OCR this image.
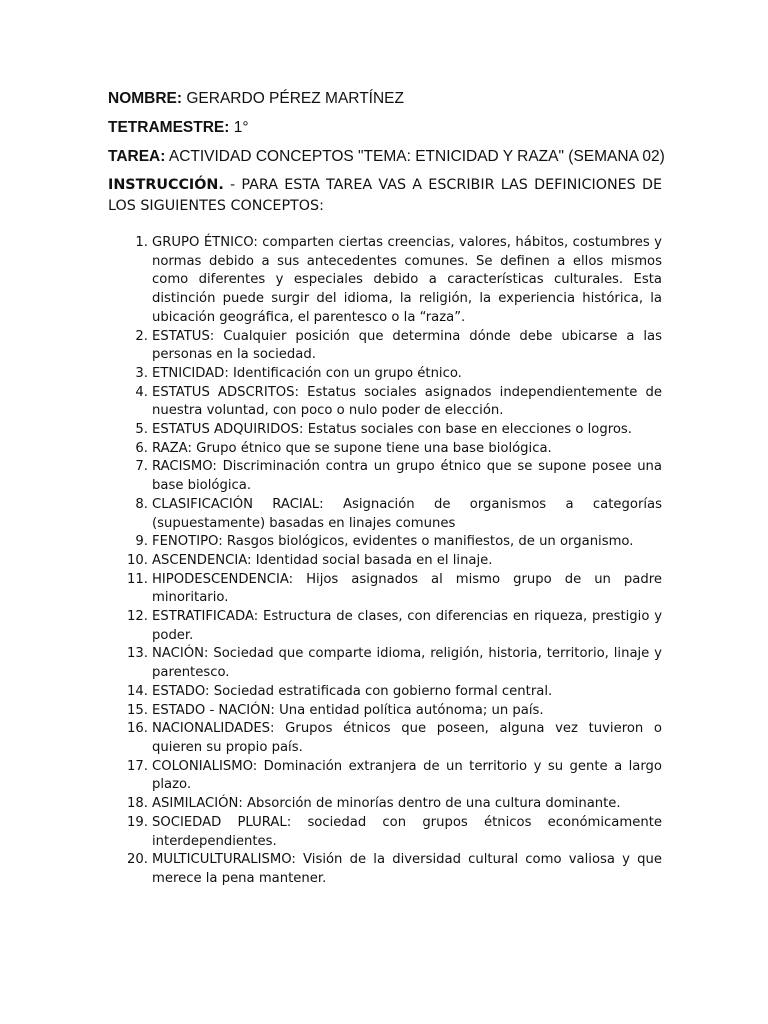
NOMBRE: GERARDO PÉREZ MARTÍNEZ

TETRAMESTRE: 1°

TAREA: ACTIVIDAD CONCEPTOS "TEMA: ETNICIDAD Y RAZA" (SEMANA 02)

INSTRUCCIÓN. - PARA ESTA TAREA VAS A ESCRIBIR LAS DEFINICIONES DE LOS SIGUIENTES CONCEPTOS:

1. GRUPO ÉTNICO: comparten ciertas creencias, valores, hábitos, costumbres y normas debido a sus antecedentes comunes. Se definen a ellos mismos como diferentes y especiales debido a características culturales. Esta distinción puede surgir del idioma, la religión, la experiencia histórica, la ubicación geográfica, el parentesco o la “raza”.
2. ESTATUS: Cualquier posición que determina dónde debe ubicarse a las personas en la sociedad.
3. ETNICIDAD: Identificación con un grupo étnico.
4. ESTATUS ADSCRITOS: Estatus sociales asignados independientemente de nuestra voluntad, con poco o nulo poder de elección.
5. ESTATUS ADQUIRIDOS: Estatus sociales con base en elecciones o logros.
6. RAZA: Grupo étnico que se supone tiene una base biológica.
7. RACISMO: Discriminación contra un grupo étnico que se supone posee una base biológica.
8. CLASIFICACIÓN RACIAL: Asignación de organismos a categorías (supuestamente) basadas en linajes comunes
9. FENOTIPO: Rasgos biológicos, evidentes o manifiestos, de un organismo.
10. ASCENDENCIA: Identidad social basada en el linaje.
11. HIPODESCENDENCIA: Hijos asignados al mismo grupo de un padre minoritario.
12. ESTRATIFICADA: Estructura de clases, con diferencias en riqueza, prestigio y poder.
13. NACIÓN: Sociedad que comparte idioma, religión, historia, territorio, linaje y parentesco.
14. ESTADO: Sociedad estratificada con gobierno formal central.
15. ESTADO - NACIÓN: Una entidad política autónoma; un país.
16. NACIONALIDADES: Grupos étnicos que poseen, alguna vez tuvieron o quieren su propio país.
17. COLONIALISMO: Dominación extranjera de un territorio y su gente a largo plazo.
18. ASIMILACIÓN: Absorción de minorías dentro de una cultura dominante.
19. SOCIEDAD PLURAL: sociedad con grupos étnicos económicamente interdependientes.
20. MULTICULTURALISMO: Visión de la diversidad cultural como valiosa y que merece la pena mantener.
